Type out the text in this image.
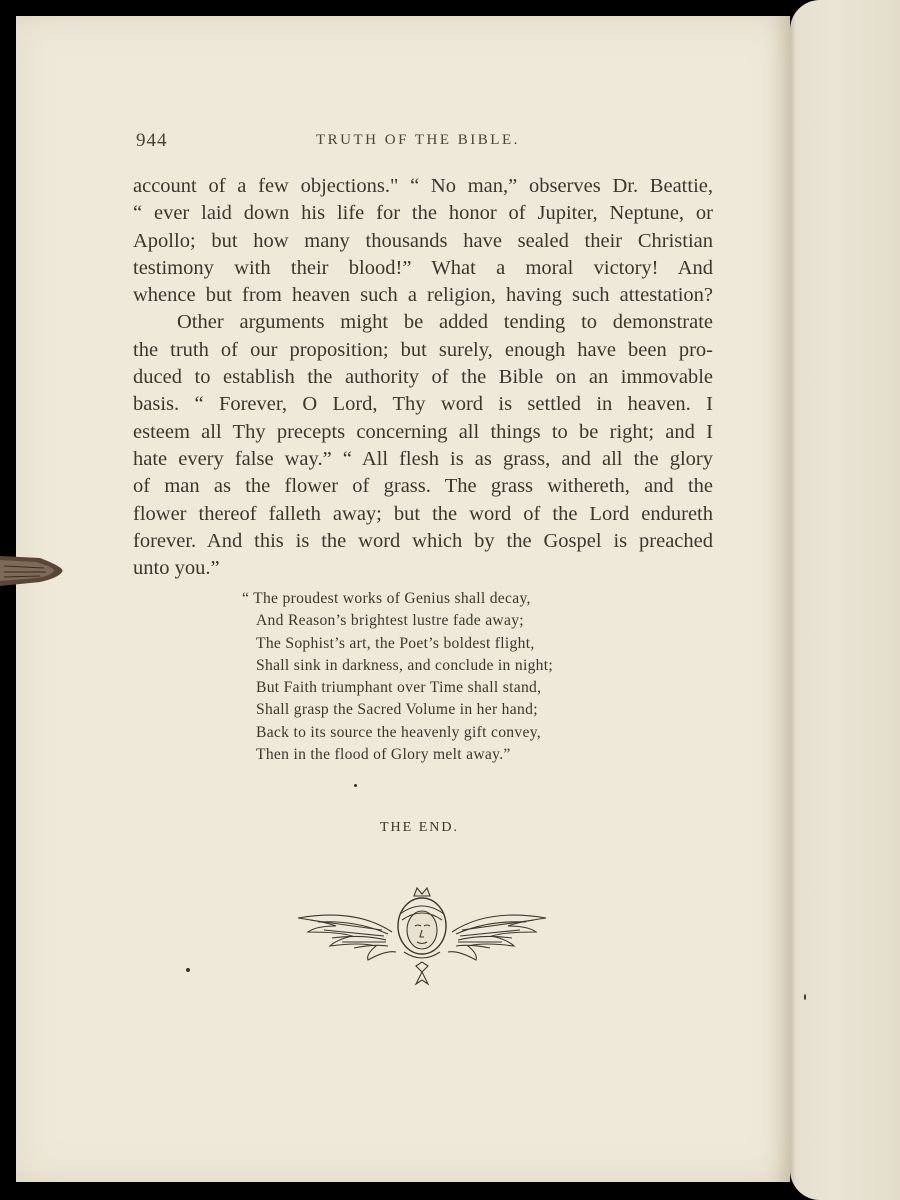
944	TRUTH OF THE BIBLE.
account of a few objections." “ No man,” observes Dr. Beattie,
“ ever laid down his life for the honor of Jupiter, Neptune, or
Apollo; but how many thousands have sealed their Christian
testimony with their blood!” What a moral victory! And
whence but from heaven such a religion, having such attestation?
Other arguments might be added tending to demonstrate
the truth of our proposition; but surely, enough have been pro-
duced to establish the authority of the Bible on an immovable
basis. “ Forever, O Lord, Thy word is settled in heaven. I
esteem all Thy precepts concerning all things to be right; and I
hate every false way.” “ All flesh is as grass, and all the glory
of man as the flower of grass. The grass withereth, and the
flower thereof falleth away; but the word of the Lord endureth
forever. And this is the word which by the Gospel is preached
unto you.”
“ The proudest works of Genius shall decay,
And Reason’s brightest lustre fade away;
The Sophist’s art, the Poet’s boldest flight,
Shall sink in darkness, and conclude in night;
But Faith triumphant over Time shall stand,
Shall grasp the Sacred Volume in her hand;
Back to its source the heavenly gift convey,
Then in the flood of Glory melt away.”
THE END.
